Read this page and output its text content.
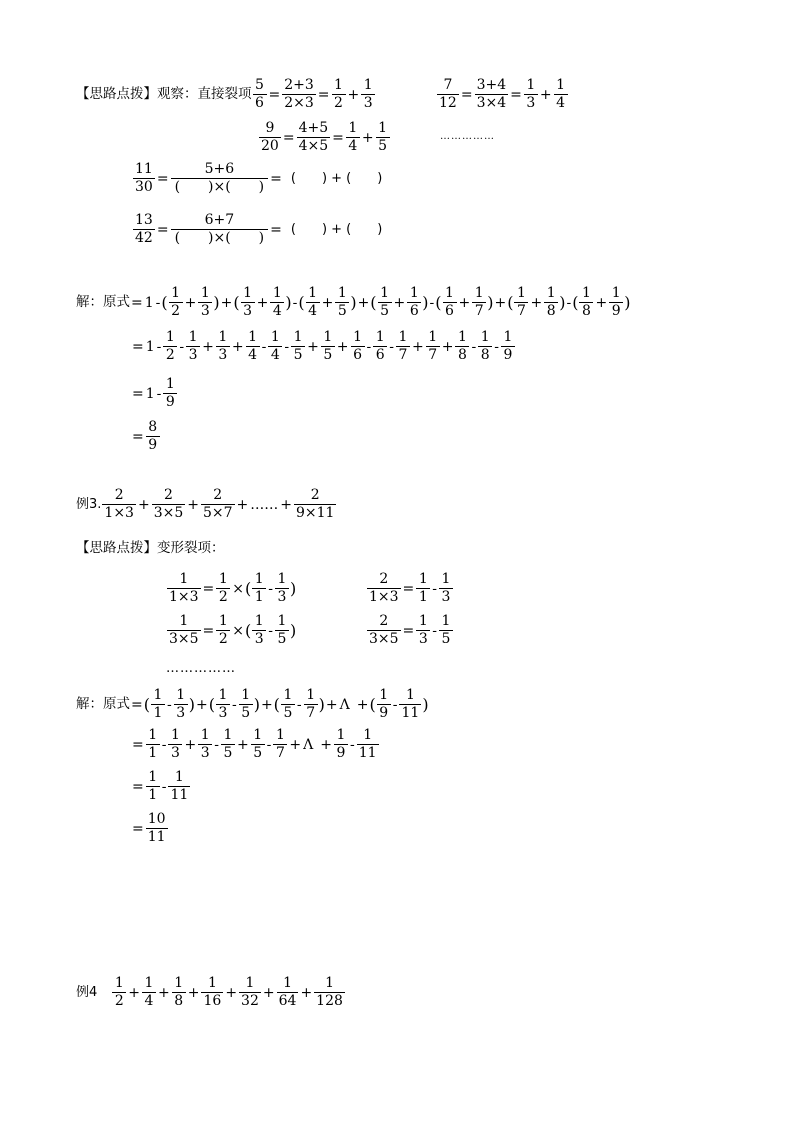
【思路点拨】观察：直接裂项 $\frac{5}{6} = \frac{2+3}{2\times 3} = \frac{1}{2} + \frac{1}{3}$	$\frac{7}{12} = \frac{3+4}{3\times 4} = \frac{1}{3} + \frac{1}{4}$
$\frac{9}{20} = \frac{4+5}{4\times 5} = \frac{1}{4} + \frac{1}{5}$	……………
$\frac{11}{30} = \frac{5+6}{( )\times( )}$ = (　　) + (　　)
$\frac{13}{42} = \frac{6+7}{( )\times( )}$ = (　　) + (　　)
解：原式 = 1 - ( $\frac{1}{2} + \frac{1}{3}$ ) + ( $\frac{1}{3} + \frac{1}{4}$ ) - ( $\frac{1}{4} + \frac{1}{5}$ ) + ( $\frac{1}{5} + \frac{1}{6}$ ) - ( $\frac{1}{6} + \frac{1}{7}$ ) + ( $\frac{1}{7} + \frac{1}{8}$ ) - ( $\frac{1}{8} + \frac{1}{9}$ )
= $1 - \frac{1}{2} - \frac{1}{3} + \frac{1}{3} + \frac{1}{4} - \frac{1}{4} - \frac{1}{5} + \frac{1}{5} + \frac{1}{6} - \frac{1}{6} - \frac{1}{7} + \frac{1}{7} + \frac{1}{8} - \frac{1}{8} - \frac{1}{9}$
= $1 - \frac{1}{9}$
= $\frac{8}{9}$
例3. $\frac{2}{1\times 3} + \frac{2}{3\times 5} + \frac{2}{5\times 7}$ + …… + $\frac{2}{9\times 11}$
【思路点拨】变形裂项：
$\frac{1}{1\times 3} = \frac{1}{2}$ × ( $\frac{1}{1} - \frac{1}{3}$ )
$\frac{1}{3\times 5} = \frac{1}{2}$ × ( $\frac{1}{3} - \frac{1}{5}$ )
$\frac{2}{1\times 3} = \frac{1}{1} - \frac{1}{3}$
$\frac{2}{3\times 5} = \frac{1}{3} - \frac{1}{5}$
……………
解：原式 = ( $\frac{1}{1} - \frac{1}{3}$ ) + ( $\frac{1}{3} - \frac{1}{5}$ ) + ( $\frac{1}{5} - \frac{1}{7}$ ) + Λ + ( $\frac{1}{9} - \frac{1}{11}$ )
= $\frac{1}{1} - \frac{1}{3} + \frac{1}{3} - \frac{1}{5} + \frac{1}{5} - \frac{1}{7} + \Lambda + \frac{1}{9} - \frac{1}{11}$
= $\frac{1}{1} - \frac{1}{11}$
= $\frac{10}{11}$
例$4 \frac{1}{2} + \frac{1}{4} + \frac{1}{8} + \frac{1}{16} + \frac{1}{32} + \frac{1}{64} + \frac{1}{128}$
